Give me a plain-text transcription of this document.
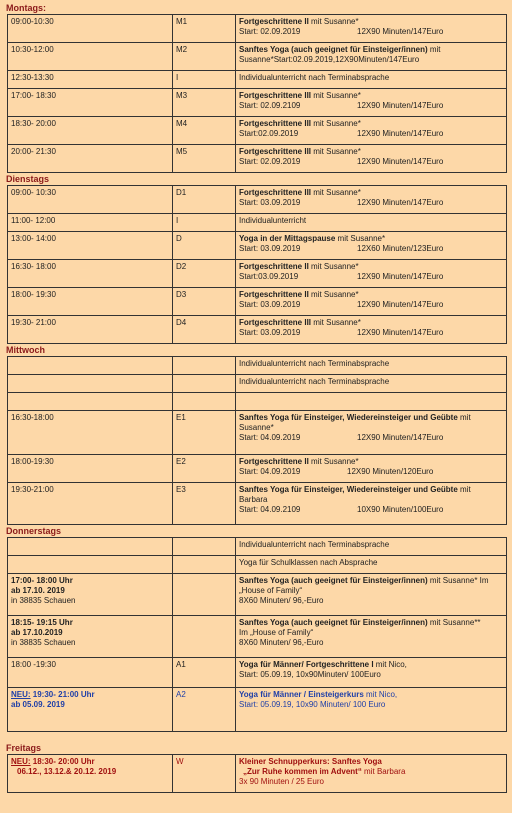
Montags:
09:00-10:30	M1	Fortgeschrittene II mit Susanne*
Start: 02.09.2019 12X90 Minuten/147Euro
10:30-12:00	M2	Sanftes Yoga (auch geeignet für Einsteiger/innen) mit
Susanne*Start:02.09.2019,12X90Minuten/147Euro
12:30-13:30	I	Individualunterricht nach Terminabsprache
17:00- 18:30	M3	Fortgeschrittene III mit Susanne*
Start: 02.09.2109 12X90 Minuten/147Euro
18:30- 20:00	M4	Fortgeschrittene III mit Susanne*
Start:02.09.2019 12X90 Minuten/147Euro
20:00- 21:30	M5	Fortgeschrittene III mit Susanne*
Start: 02.09.2019 12X90 Minuten/147Euro
Dienstags
09:00- 10:30	D1	Fortgeschrittene III mit Susanne*
Start: 03.09.2019 12X90 Minuten/147Euro
11:00- 12:00	I	Individualunterricht
13:00- 14:00	D	Yoga in der Mittagspause mit Susanne*
Start: 03.09.2019 12X60 Minuten/123Euro
16:30- 18:00	D2	Fortgeschrittene II mit Susanne*
Start:03.09.2019 12X90 Minuten/147Euro
18:00- 19:30	D3	Fortgeschrittene II mit Susanne*
Start: 03.09.2019 12X90 Minuten/147Euro
19:30- 21:00	D4	Fortgeschrittene III mit Susanne*
Start: 03.09.2019 12X90 Minuten/147Euro
Mittwoch
		Individualunterricht nach Terminabsprache
		Individualunterricht nach Terminabsprache

16:30-18:00	E1	Sanftes Yoga für Einsteiger, Wiedereinsteiger und Geübte mit
Susanne*
Start: 04.09.2019 12X90 Minuten/147Euro
18:00-19:30	E2	Fortgeschrittene II mit Susanne*
Start: 04.09.2019 12X90 Minuten/120Euro
19:30-21:00	E3	Sanftes Yoga für Einsteiger, Wiedereinsteiger und Geübte mit
Barbara
Start: 04.09.2109 10X90 Minuten/100Euro
Donnerstags
		Individualunterricht nach Terminabsprache
		Yoga für Schulklassen nach Absprache
17:00- 18:00 Uhr
ab 17.10. 2019
in 38835 Schauen		Sanftes Yoga (auch geeignet für Einsteiger/innen) mit Susanne* Im
„House of Family“
8X60 Minuten/ 96,-Euro
18:15- 19:15 Uhr
ab 17.10.2019
in 38835 Schauen		Sanftes Yoga (auch geeignet für Einsteiger/innen) mit Susanne**
Im „House of Family“
8X60 Minuten/ 96,-Euro
18:00 -19:30	A1	Yoga für Männer/ Fortgeschrittene I mit Nico,
Start: 05.09.19, 10x90Minuten/ 100Euro
NEU: 19:30- 21:00 Uhr
ab 05.09. 2019	A2	Yoga für Männer / Einsteigerkurs mit Nico,
Start: 05.09.19, 10x90 Minuten/ 100 Euro
Freitags
NEU: 18:30- 20:00 Uhr
06.12., 13.12.& 20.12. 2019	W	Kleiner Schnupperkurs: Sanftes Yoga
„Zur Ruhe kommen im Advent“ mit Barbara
3x 90 Minuten / 25 Euro
